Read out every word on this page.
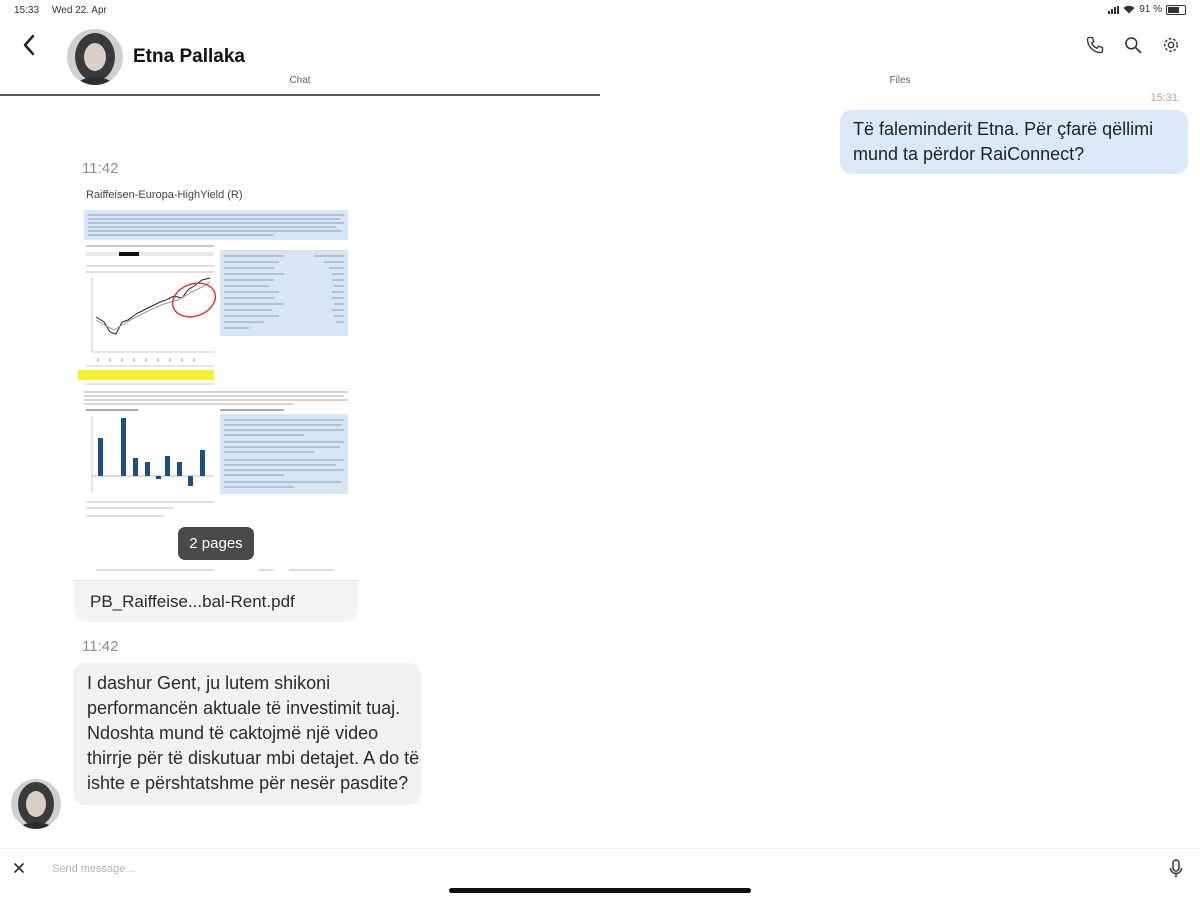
15:33 Wed 22. Apr	91 %
Etna Pallaka
Chat	Files
15:31
Të faleminderit Etna. Për çfarë qëllimi mund ta përdor RaiConnect?
11:42
Raiffeisen-Europa-HighYield (R)
2 pages
PB_Raiffeise...bal-Rent.pdf
11:42
I dashur Gent, ju lutem shikoni performancën aktuale të investimit tuaj. Ndoshta mund të caktojmë një video thirrje për të diskutuar mbi detajet. A do të ishte e përshtatshme për nesër pasdite?
Send message...
